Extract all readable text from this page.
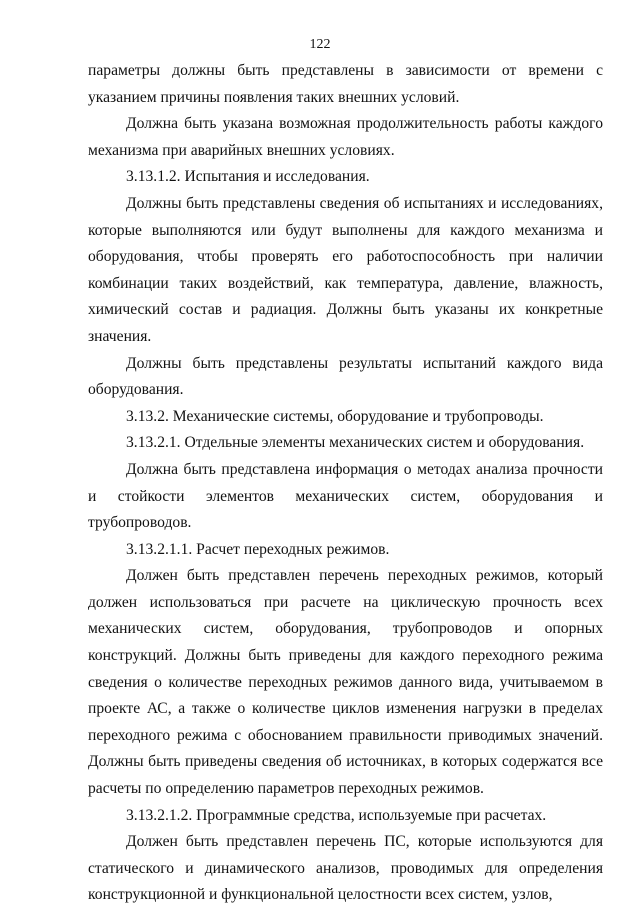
122

параметры должны быть представлены в зависимости от времени с указанием причины появления таких внешних условий.

Должна быть указана возможная продолжительность работы каждого механизма при аварийных внешних условиях.

3.13.1.2. Испытания и исследования.

Должны быть представлены сведения об испытаниях и исследованиях, которые выполняются или будут выполнены для каждого механизма и оборудования, чтобы проверять его работоспособность при наличии комбинации таких воздействий, как температура, давление, влажность, химический состав и радиация. Должны быть указаны их конкретные значения.

Должны быть представлены результаты испытаний каждого вида оборудования.

3.13.2. Механические системы, оборудование и трубопроводы.

3.13.2.1. Отдельные элементы механических систем и оборудования.

Должна быть представлена информация о методах анализа прочности и стойкости элементов механических систем, оборудования и трубопроводов.

3.13.2.1.1. Расчет переходных режимов.

Должен быть представлен перечень переходных режимов, который должен использоваться при расчете на циклическую прочность всех механических систем, оборудования, трубопроводов и опорных конструкций. Должны быть приведены для каждого переходного режима сведения о количестве переходных режимов данного вида, учитываемом в проекте АС, а также о количестве циклов изменения нагрузки в пределах переходного режима с обоснованием правильности приводимых значений. Должны быть приведены сведения об источниках, в которых содержатся все расчеты по определению параметров переходных режимов.

3.13.2.1.2. Программные средства, используемые при расчетах.

Должен быть представлен перечень ПС, которые используются для статического и динамического анализов, проводимых для определения конструкционной и функциональной целостности всех систем, узлов,
